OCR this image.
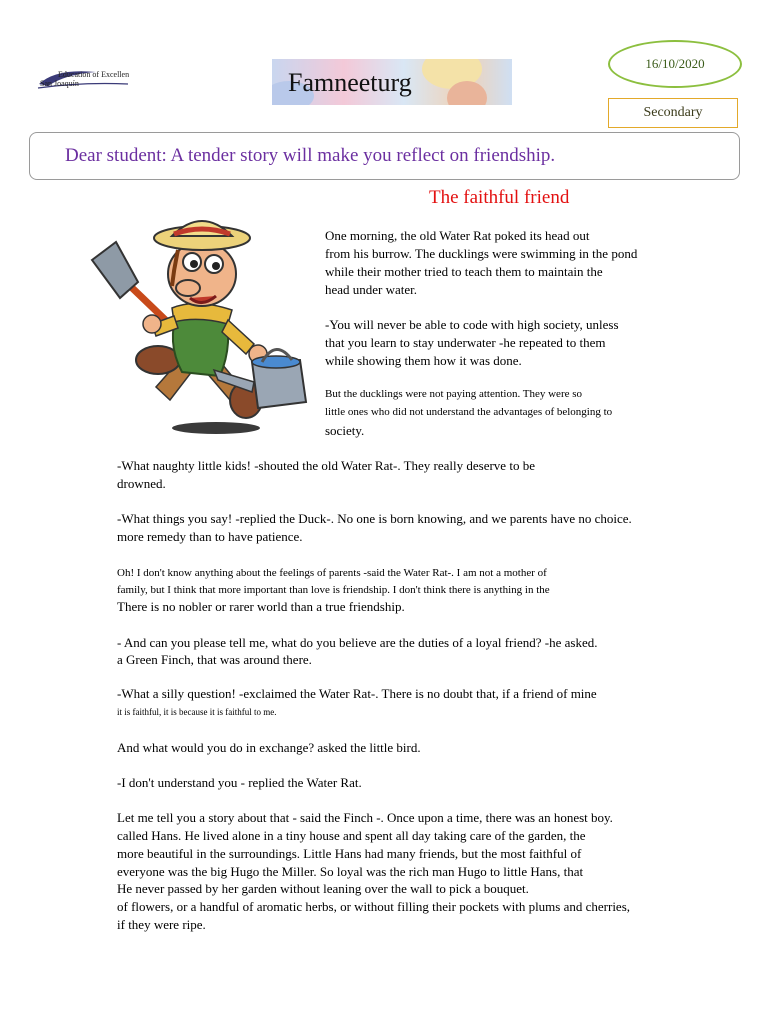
Education of Excellen
San Joaquín	Famneeturg
16/10/2020
Secondary
Dear student: A tender story will make you reflect on friendship.
The faithful friend
One morning, the old Water Rat poked its head out
from his burrow. The ducklings were swimming in the pond
while their mother tried to teach them to maintain the
head under water.
-You will never be able to code with high society, unless
that you learn to stay underwater -he repeated to them
while showing them how it was done.
But the ducklings were not paying attention. They were so
little ones who did not understand the advantages of belonging to
society.
-What naughty little kids! -shouted the old Water Rat-. They really deserve to be
drowned.
-What things you say! -replied the Duck-. No one is born knowing, and we parents have no choice.
more remedy than to have patience.
Oh! I don't know anything about the feelings of parents -said the Water Rat-. I am not a mother of
family, but I think that more important than love is friendship. I don't think there is anything in the
There is no nobler or rarer world than a true friendship.
- And can you please tell me, what do you believe are the duties of a loyal friend? -he asked.
a Green Finch, that was around there.
-What a silly question! -exclaimed the Water Rat-. There is no doubt that, if a friend of mine
it is faithful, it is because it is faithful to me.
And what would you do in exchange? asked the little bird.
-I don't understand you - replied the Water Rat.
Let me tell you a story about that - said the Finch -. Once upon a time, there was an honest boy.
called Hans. He lived alone in a tiny house and spent all day taking care of the garden, the
more beautiful in the surroundings. Little Hans had many friends, but the most faithful of
everyone was the big Hugo the Miller. So loyal was the rich man Hugo to little Hans, that
He never passed by her garden without leaning over the wall to pick a bouquet.
of flowers, or a handful of aromatic herbs, or without filling their pockets with plums and cherries,
if they were ripe.
